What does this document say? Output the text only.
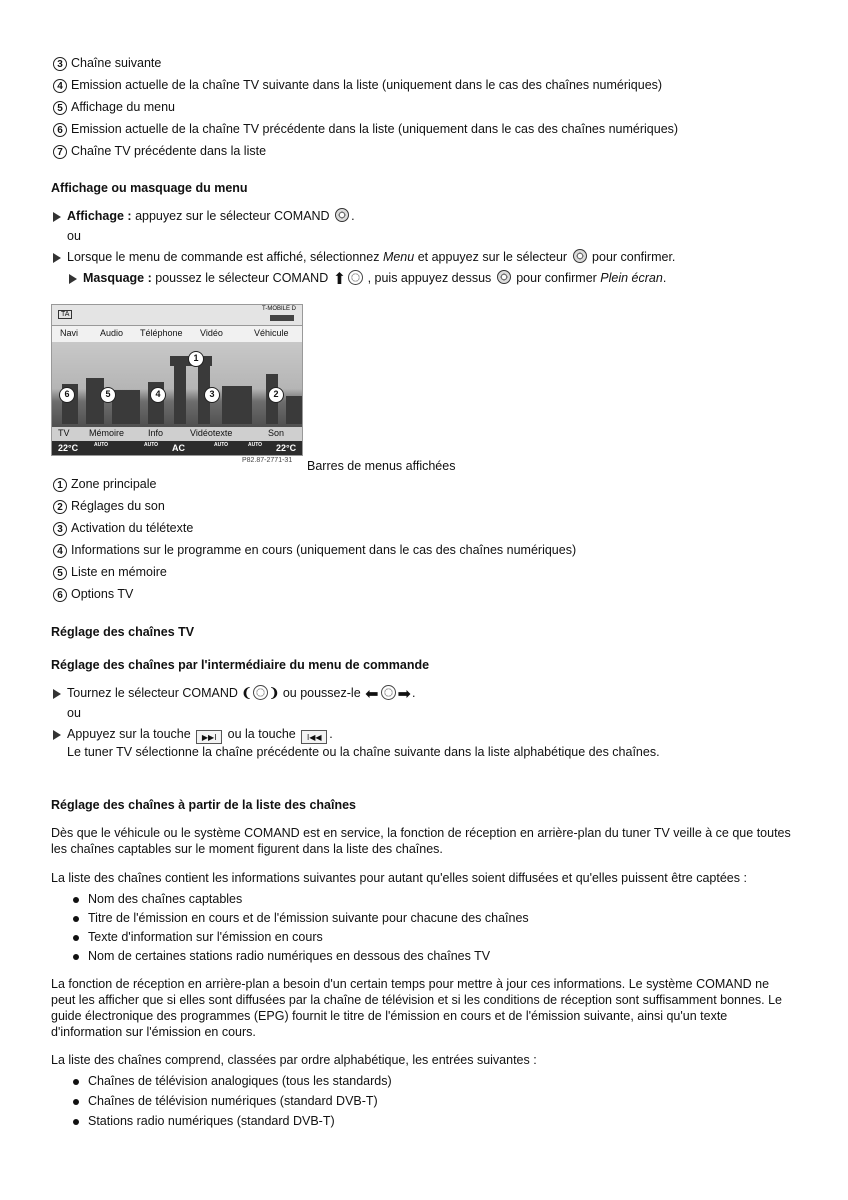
3 Chaîne suivante
4 Emission actuelle de la chaîne TV suivante dans la liste (uniquement dans le cas des chaînes numériques)
5 Affichage du menu
6 Emission actuelle de la chaîne TV précédente dans la liste (uniquement dans le cas des chaînes numériques)
7 Chaîne TV précédente dans la liste
Affichage ou masquage du menu
Affichage : appuyez sur le sélecteur COMAND .
ou
Lorsque le menu de commande est affiché, sélectionnez Menu et appuyez sur le sélecteur  pour confirmer.
Masquage : poussez le sélecteur COMAND ⬆ , puis appuyez dessus  pour confirmer Plein écran.
TA
T-MOBILE D
Navi Audio Téléphone Vidéo	Véhicule
1
6	5	4	3	2
TV Mémoire	Info	Vidéotexte	Son
22°C	AUTO	AUTO AC	AUTO	AUTO 22°C
P82.87-2771-31 Barres de menus affichées
1 Zone principale
2 Réglages du son
3 Activation du télétexte
4 Informations sur le programme en cours (uniquement dans le cas des chaînes numériques)
5 Liste en mémoire
6 Options TV
Réglage des chaînes TV
Réglage des chaînes par l'intermédiaire du menu de commande
Tournez le sélecteur COMAND ❨ ❩ ou poussez-le ⬅ ➡.
ou
Appuyez sur la touche ▶▶I ou la touche I◀◀ .
Le tuner TV sélectionne la chaîne précédente ou la chaîne suivante dans la liste alphabétique des chaînes.
Réglage des chaînes à partir de la liste des chaînes
Dès que le véhicule ou le système COMAND est en service, la fonction de réception en arrière-plan du tuner TV veille à ce que toutes les chaînes captables sur le moment figurent dans la liste des chaînes.
La liste des chaînes contient les informations suivantes pour autant qu'elles soient diffusées et qu'elles puissent être captées :
Nom des chaînes captables
Titre de l'émission en cours et de l'émission suivante pour chacune des chaînes
Texte d'information sur l'émission en cours
Nom de certaines stations radio numériques en dessous des chaînes TV
La fonction de réception en arrière-plan a besoin d'un certain temps pour mettre à jour ces informations. Le système COMAND ne peut les afficher que si elles sont diffusées par la chaîne de télévision et si les conditions de réception sont suffisamment bonnes. Le guide électronique des programmes (EPG) fournit le titre de l'émission en cours et de l'émission suivante, ainsi qu'un texte d'information sur l'émission en cours.
La liste des chaînes comprend, classées par ordre alphabétique, les entrées suivantes :
Chaînes de télévision analogiques (tous les standards)
Chaînes de télévision numériques (standard DVB-T)
Stations radio numériques (standard DVB-T)
